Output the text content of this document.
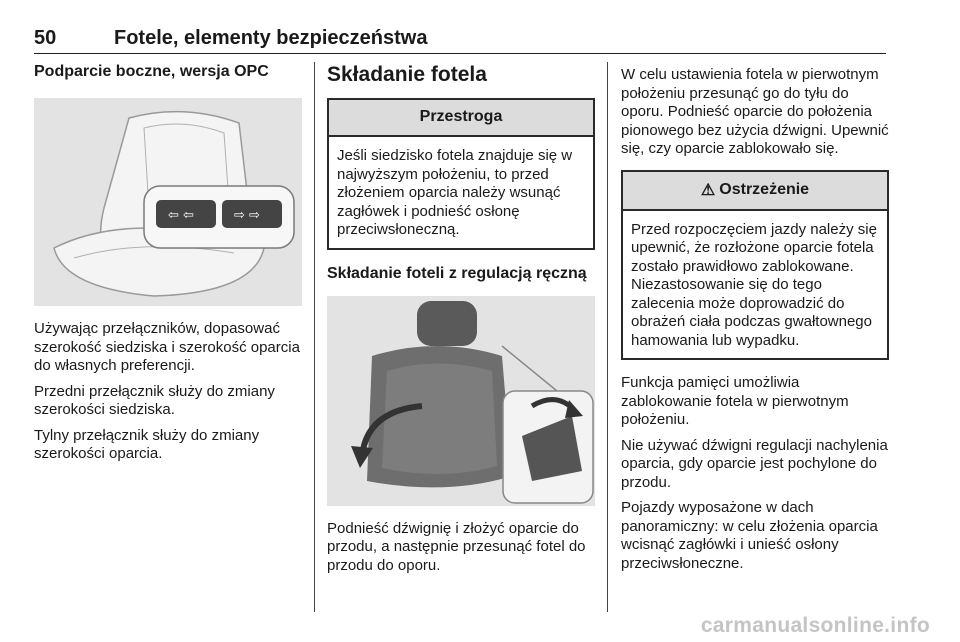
50	Fotele, elementy bezpieczeństwa
Podparcie boczne, wersja OPC
⇦ ⇦	⇨ ⇨

Używając przełączników, dopasować szerokość siedziska i szerokość oparcia do własnych preferencji.

Przedni przełącznik służy do zmiany szerokości siedziska.

Tylny przełącznik służy do zmiany szerokości oparcia.

Składanie fotela
Przestroga
Jeśli siedzisko fotela znajduje się w najwyższym położeniu, to przed złożeniem oparcia należy wsunąć zagłówek i podnieść osłonę przeciwsłoneczną.
Składanie foteli z regulacją ręczną

Podnieść dźwignię i złożyć oparcie do przodu, a następnie przesunąć fotel do przodu do oporu.

W celu ustawienia fotela w pierwotnym położeniu przesunąć go do tyłu do oporu. Podnieść oparcie do położenia pionowego bez użycia dźwigni. Upewnić się, czy oparcie zablokowało się.

⚠ Ostrzeżenie
Przed rozpoczęciem jazdy należy się upewnić, że rozłożone oparcie fotela zostało prawidłowo zablokowane. Niezastosowanie się do tego zalecenia może doprowadzić do obrażeń ciała podczas gwałtownego hamowania lub wypadku.

Funkcja pamięci umożliwia zablokowanie fotela w pierwotnym położeniu.

Nie używać dźwigni regulacji nachylenia oparcia, gdy oparcie jest pochylone do przodu.

Pojazdy wyposażone w dach panoramiczny: w celu złożenia oparcia wcisnąć zagłówki i unieść osłony przeciwsłoneczne.

carmanualsonline.info
